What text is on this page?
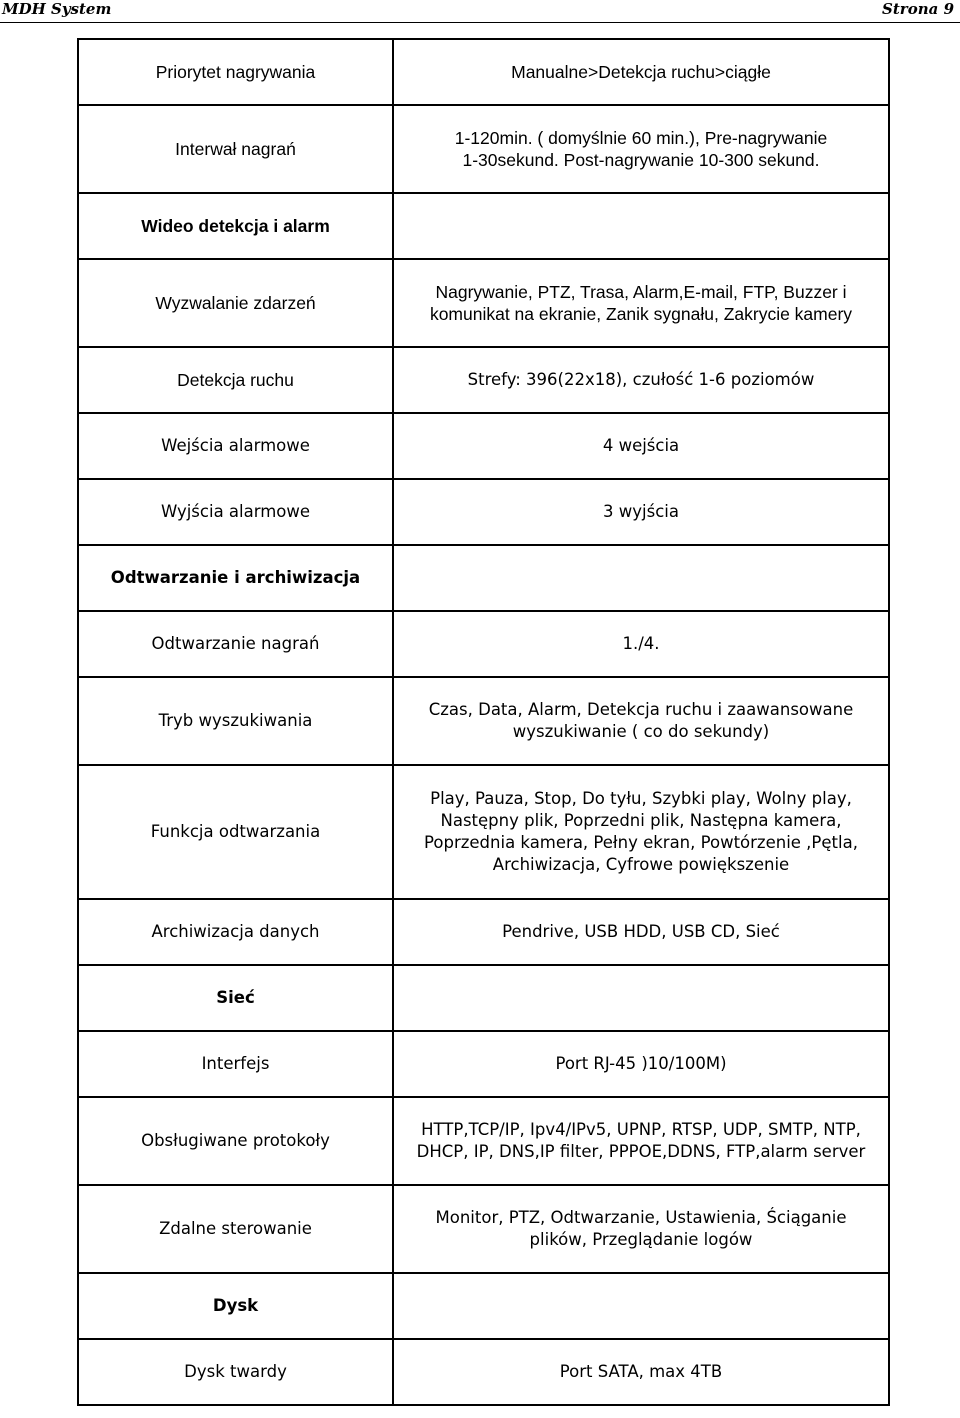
MDH System	Strona 9
Priorytet nagrywania	Manualne>Detekcja ruchu>ciągłe
Interwał nagrań	1-120min. ( domyślnie 60 min.), Pre-nagrywanie
1-30sekund. Post-nagrywanie 10-300 sekund.
Wideo detekcja i alarm	
Wyzwalanie zdarzeń	Nagrywanie, PTZ, Trasa, Alarm,E-mail, FTP, Buzzer i
komunikat na ekranie, Zanik sygnału, Zakrycie kamery
Detekcja ruchu	Strefy: 396(22x18), czułość 1-6 poziomów
Wejścia alarmowe	4 wejścia
Wyjścia alarmowe	3 wyjścia
Odtwarzanie i archiwizacja	
Odtwarzanie nagrań	1./4.
Tryb wyszukiwania	Czas, Data, Alarm, Detekcja ruchu i zaawansowane
wyszukiwanie ( co do sekundy)
Funkcja odtwarzania	Play, Pauza, Stop, Do tyłu, Szybki play, Wolny play,
Następny plik, Poprzedni plik, Następna kamera,
Poprzednia kamera, Pełny ekran, Powtórzenie ,Pętla,
Archiwizacja, Cyfrowe powiększenie
Archiwizacja danych	Pendrive, USB HDD, USB CD, Sieć
Sieć	
Interfejs	Port RJ-45 )10/100M)
Obsługiwane protokoły	HTTP,TCP/IP, Ipv4/IPv5, UPNP, RTSP, UDP, SMTP, NTP,
DHCP, IP, DNS,IP filter, PPPOE,DDNS, FTP,alarm server
Zdalne sterowanie	Monitor, PTZ, Odtwarzanie, Ustawienia, Ściąganie
plików, Przeglądanie logów
Dysk	
Dysk twardy	Port SATA, max 4TB
